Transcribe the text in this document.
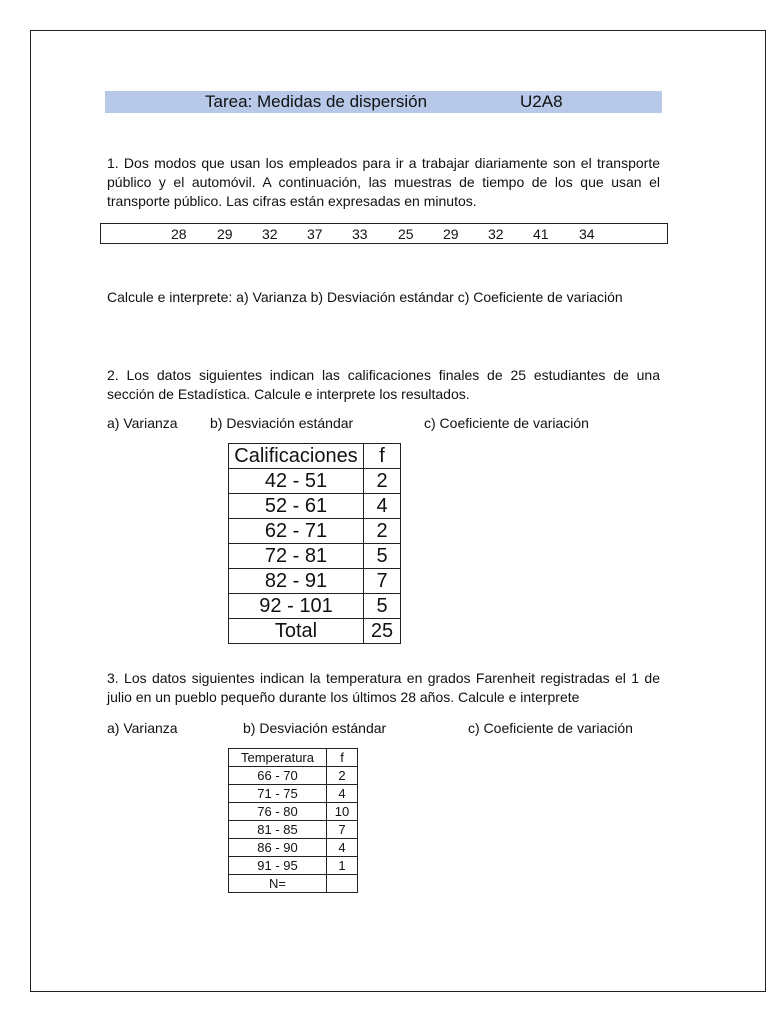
Tarea: Medidas de dispersión	U2A8
1. Dos modos que usan los empleados para ir a trabajar diariamente son el transporte público y el automóvil. A continuación, las muestras de tiempo de los que usan el transporte público. Las cifras están expresadas en minutos.
28 29 32 37 33 25 29 32 41 34
Calcule e interprete: a) Varianza b) Desviación estándar c) Coeficiente de variación
2. Los datos siguientes indican las calificaciones finales de 25 estudiantes de una sección de Estadística. Calcule e interprete los resultados.
a) Varianza b) Desviación estándar	c) Coeficiente de variación
Calificaciones	f
42 - 51	2
52 - 61	4
62 - 71	2
72 - 81	5
82 - 91	7
92 - 101	5
Total	25
3. Los datos siguientes indican la temperatura en grados Farenheit registradas el 1 de julio en un pueblo pequeño durante los últimos 28 años. Calcule e interprete
a) Varianza	b) Desviación estándar	c) Coeficiente de variación
Temperatura	f
66 - 70	2
71 - 75	4
76 - 80	10
81 - 85	7
86 - 90	4
91 - 95	1
N=	
